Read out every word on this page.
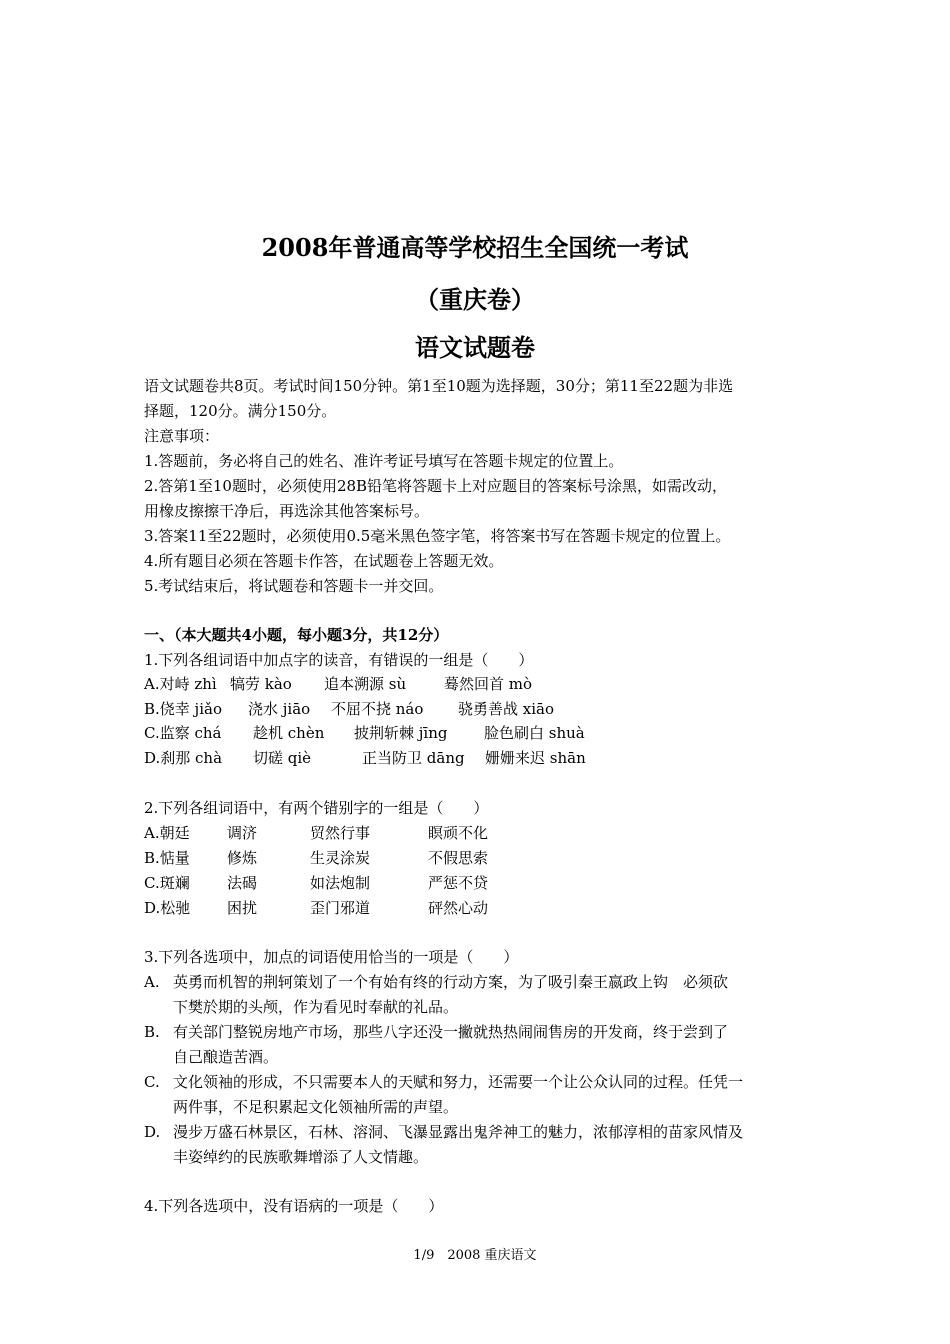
2008年普通高等学校招生全国统一考试
（重庆卷）
语文试题卷
语文试题卷共8页。考试时间150分钟。第1至10题为选择题，30分；第11至22题为非选
择题，120分。满分150分。
注意事项：
1.答题前，务必将自己的姓名、准许考证号填写在答题卡规定的位置上。
2.答第1至10题时，必须使用28B铅笔将答题卡上对应题目的答案标号涂黑，如需改动，
用橡皮擦擦干净后，再选涂其他答案标号。
3.答案11至22题时，必须使用0.5毫米黑色签字笔，将答案书写在答题卡规定的位置上。
4.所有题目必须在答题卡作答，在试题卷上答题无效。
5.考试结束后，将试题卷和答题卡一并交回。
一、（本大题共4小题，每小题3分，共12分）
1.下列各组词语中加点字的读音，有错误的一组是（　　）
A.对峙 zhì 犒劳 kào 追本溯源 sù	蓦然回首 mò
B.侥幸 jiǎo 浇水 jiāo 不屈不挠 náo 骁勇善战 xiāo
C.监察 chá 趁机 chèn 披荆斩棘 jīng 脸色刷白 shuà
D.刹那 chà 切磋 qiè	正当防卫 dāng 姗姗来迟 shān
2.下列各组词语中，有两个错别字的一组是（　　）
A.朝廷 调济	贸然行事	瞑顽不化
B.惦量 修炼	生灵涂炭	不假思索
C.斑斓 法碣	如法炮制	严惩不贷
D.松驰 困扰	歪门邪道	砰然心动
3.下列各选项中，加点的词语使用恰当的一项是（　　）
A. 英勇而机智的荆轲策划了一个有始有终的行动方案，为了吸引秦王嬴政上钩　必须砍
下樊於期的头颅，作为看见时奉献的礼品。
B. 有关部门整锐房地产市场，那些八字还没一撇就热热闹闹售房的开发商，终于尝到了
自己酿造苦酒。
C. 文化领袖的形成，不只需要本人的天赋和努力，还需要一个让公众认同的过程。任凭一
两件事，不足积累起文化领袖所需的声望。
D. 漫步万盛石林景区，石林、溶洞、飞瀑显露出鬼斧神工的魅力，浓郁淳相的苗家风情及
丰姿绰约的民族歌舞增添了人文情趣。
4.下列各选项中，没有语病的一项是（　　）
1/9　2008 重庆语文
